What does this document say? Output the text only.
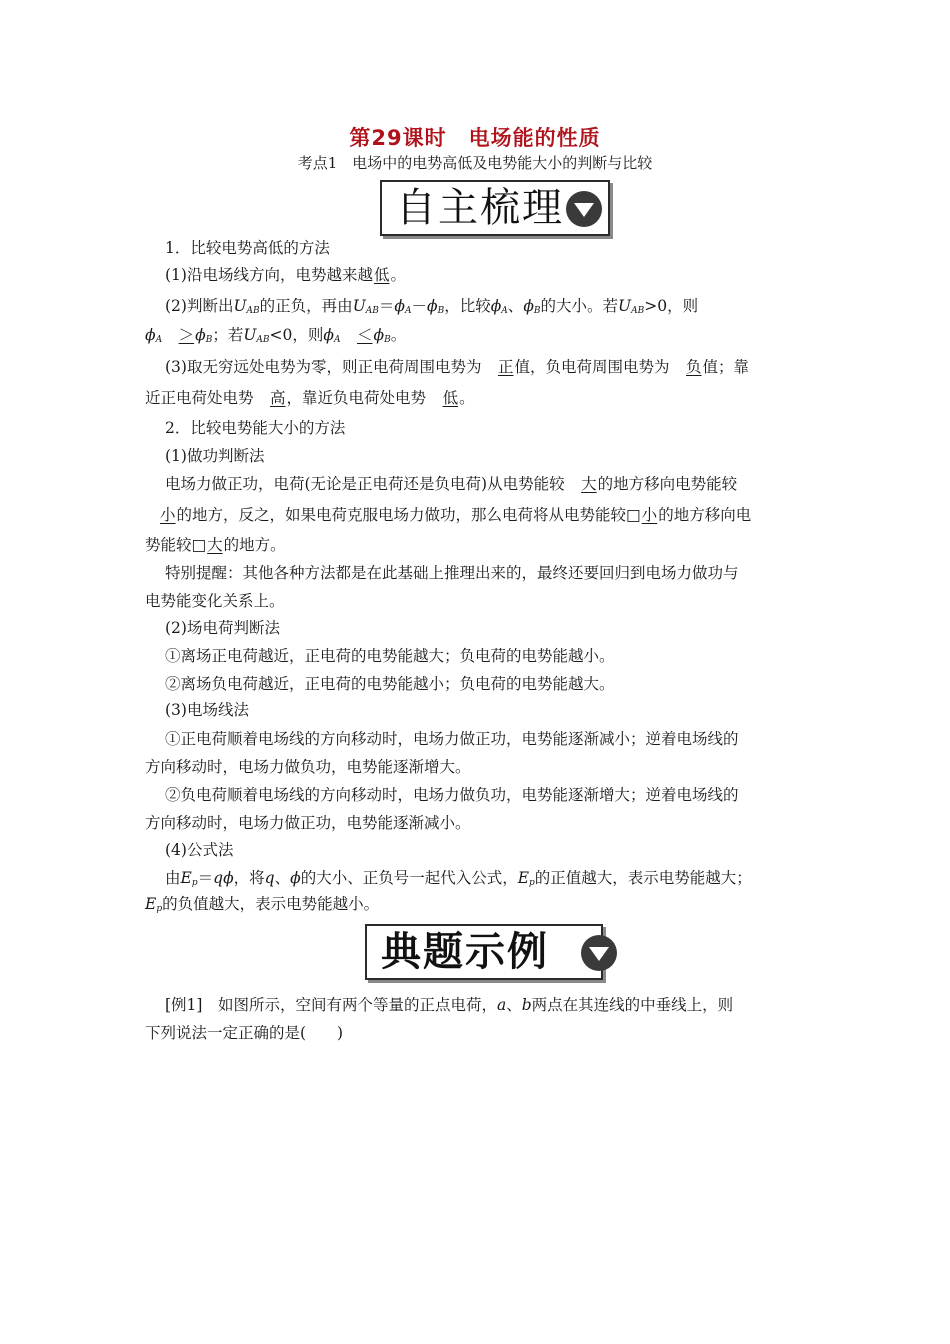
第29课时　电场能的性质
考点1　电场中的电势高低及电势能大小的判断与比较
自主梳理
1．比较电势高低的方法
(1)沿电场线方向，电势越来越低。
(2)判断出$U_{AB}$的正负，再由$U_{AB}=\phi_A-\phi_B$，比较$\phi_A$、$\phi_B$的大小。若$U_{AB}>0$，则
$\phi_A$　 $>\phi_B$；若$U_{AB}<0$，则$\phi_A$　 $<\phi_B$。
(3)取无穷远处电势为零，则正电荷周围电势为　 正值，负电荷周围电势为　 负值；靠
近正电荷处电势　 高，靠近负电荷处电势　 低。
2．比较电势能大小的方法
(1)做功判断法
电场力做正功，电荷(无论是正电荷还是负电荷)从电势能较　 大的地方移向电势能较
小的地方，反之，如果电荷克服电场力做功，那么电荷将从电势能较□小的地方移向电
势能较□大的地方。
特别提醒：其他各种方法都是在此基础上推理出来的，最终还要回归到电场力做功与
电势能变化关系上。
(2)场电荷判断法
①离场正电荷越近，正电荷的电势能越大；负电荷的电势能越小。
②离场负电荷越近，正电荷的电势能越小；负电荷的电势能越大。
(3)电场线法
①正电荷顺着电场线的方向移动时，电场力做正功，电势能逐渐减小；逆着电场线的
方向移动时，电场力做负功，电势能逐渐增大。
②负电荷顺着电场线的方向移动时，电场力做负功，电势能逐渐增大；逆着电场线的
方向移动时，电场力做正功，电势能逐渐减小。
(4)公式法
由$E_p=q\phi$，将q、ϕ的大小、正负号一起代入公式，$E_p$的正值越大，表示电势能越大；
$E_p$的负值越大，表示电势能越小。
典题示例
[例1]　如图所示，空间有两个等量的正点电荷，a、b两点在其连线的中垂线上，则
下列说法一定正确的是(　　)
